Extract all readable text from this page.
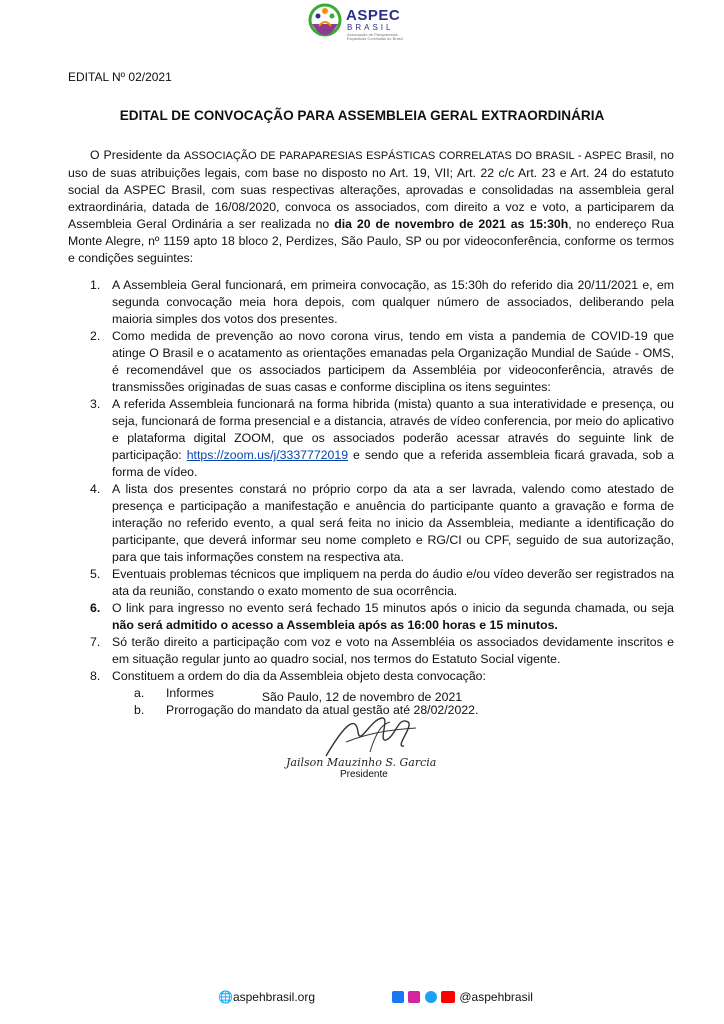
ASPEC
BRASIL
Associação de Paraparesias Espásticas Correlatas do Brasil
EDITAL Nº 02/2021
EDITAL DE CONVOCAÇÃO PARA ASSEMBLEIA GERAL EXTRAORDINÁRIA

O Presidente da ASSOCIAÇÃO DE PARAPARESIAS ESPÁSTICAS CORRELATAS DO BRASIL - ASPEC Brasil, no uso de suas atribuições legais, com base no disposto no Art. 19, VII; Art. 22 c/c Art. 23 e Art. 24 do estatuto social da ASPEC Brasil, com suas respectivas alterações, aprovadas e consolidadas na assembleia geral extraordinária, datada de 16/08/2020, convoca os associados, com direito a voz e voto, a participarem da Assembleia Geral Ordinária a ser realizada no dia 20 de novembro de 2021 as 15:30h, no endereço Rua Monte Alegre, nº 1159 apto 18 bloco 2, Perdizes, São Paulo, SP ou por videoconferência, conforme os termos e condições seguintes:

1. A Assembleia Geral funcionará, em primeira convocação, as 15:30h do referido dia 20/11/2021 e, em segunda convocação meia hora depois, com qualquer número de associados, deliberando pela maioria simples dos votos dos presentes.
2. Como medida de prevenção ao novo corona virus, tendo em vista a pandemia de COVID-19 que atinge O Brasil e o acatamento as orientações emanadas pela Organização Mundial de Saúde - OMS, é recomendável que os associados participem da Assembléia por videoconferência, através de transmissões originadas de suas casas e conforme disciplina os itens seguintes:
3. A referida Assembleia funcionará na forma hibrida (mista) quanto a sua interatividade e presença, ou seja, funcionará de forma presencial e a distancia, através de vídeo conferencia, por meio do aplicativo e plataforma digital ZOOM, que os associados poderão acessar através do seguinte link de participação: https://zoom.us/j/3337772019 e sendo que a referida assembleia ficará gravada, sob a forma de vídeo.
4. A lista dos presentes constará no próprio corpo da ata a ser lavrada, valendo como atestado de presença e participação a manifestação e anuência do participante quanto a gravação e forma de interação no referido evento, a qual será feita no inicio da Assembleia, mediante a identificação do participante, que deverá informar seu nome completo e RG/CI ou CPF, seguido de sua autorização, para que tais informações constem na respectiva ata.
5. Eventuais problemas técnicos que impliquem na perda do áudio e/ou vídeo deverão ser registrados na ata da reunião, constando o exato momento de sua ocorrência.
6. O link para ingresso no evento será fechado 15 minutos após o inicio da segunda chamada, ou seja não será admitido o acesso a Assembleia após as 16:00 horas e 15 minutos.
7. Só terão direito a participação com voz e voto na Assembléia os associados devidamente inscritos e em situação regular junto ao quadro social, nos termos do Estatuto Social vigente.
8. Constituem a ordem do dia da Assembleia objeto desta convocação:
a. Informes
b. Prorrogação do mandato da atual gestão até 28/02/2022.
São Paulo, 12 de novembro de 2021
Jailson Mauzinho S. Garcia
Presidente
🌐aspehbrasil.org	@aspehbrasil
